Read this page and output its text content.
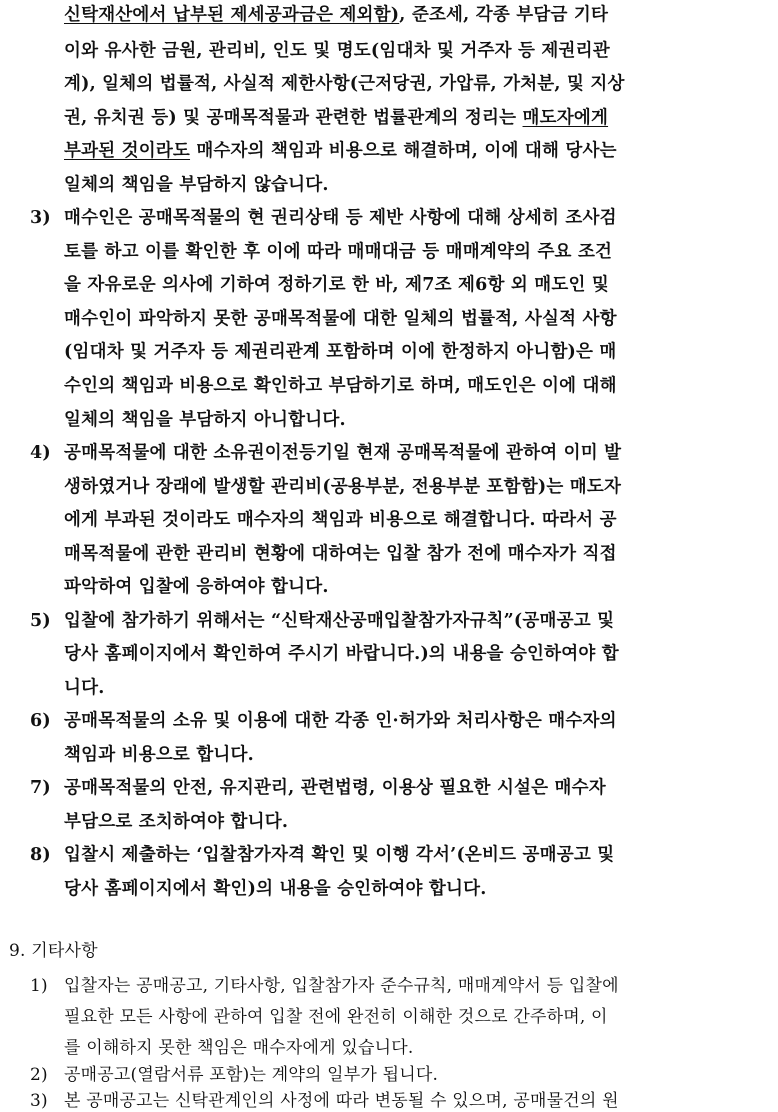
신탁재산에서 납부된 제세공과금은 제외함), 준조세, 각종 부담금 기타
이와 유사한 금원, 관리비, 인도 및 명도(임대차 및 거주자 등 제권리관
계), 일체의 법률적, 사실적 제한사항(근저당권, 가압류, 가처분, 및 지상
권, 유치권 등) 및 공매목적물과 관련한 법률관계의 정리는 매도자에게
부과된 것이라도 매수자의 책임과 비용으로 해결하며, 이에 대해 당사는
일체의 책임을 부담하지 않습니다.
3) 매수인은 공매목적물의 현 권리상태 등 제반 사항에 대해 상세히 조사검
토를 하고 이를 확인한 후 이에 따라 매매대금 등 매매계약의 주요 조건
을 자유로운 의사에 기하여 정하기로 한 바, 제7조 제6항 외 매도인 및
매수인이 파악하지 못한 공매목적물에 대한 일체의 법률적, 사실적 사항
(임대차 및 거주자 등 제권리관계 포함하며 이에 한정하지 아니함)은 매
수인의 책임과 비용으로 확인하고 부담하기로 하며, 매도인은 이에 대해
일체의 책임을 부담하지 아니합니다.
4) 공매목적물에 대한 소유권이전등기일 현재 공매목적물에 관하여 이미 발
생하였거나 장래에 발생할 관리비(공용부분, 전용부분 포함함)는 매도자
에게 부과된 것이라도 매수자의 책임과 비용으로 해결합니다. 따라서 공
매목적물에 관한 관리비 현황에 대하여는 입찰 참가 전에 매수자가 직접
파악하여 입찰에 응하여야 합니다.
5) 입찰에 참가하기 위해서는 “신탁재산공매입찰참가자규칙”(공매공고 및
당사 홈페이지에서 확인하여 주시기 바랍니다.)의 내용을 승인하여야 합
니다.
6) 공매목적물의 소유 및 이용에 대한 각종 인·허가와 처리사항은 매수자의
책임과 비용으로 합니다.
7) 공매목적물의 안전, 유지관리, 관련법령, 이용상 필요한 시설은 매수자
부담으로 조치하여야 합니다.
8) 입찰시 제출하는 ‘입찰참가자격 확인 및 이행 각서’(온비드 공매공고 및
당사 홈페이지에서 확인)의 내용을 승인하여야 합니다.
9. 기타사항
1) 입찰자는 공매공고, 기타사항, 입찰참가자 준수규칙, 매매계약서 등 입찰에
필요한 모든 사항에 관하여 입찰 전에 완전히 이해한 것으로 간주하며, 이
를 이해하지 못한 책임은 매수자에게 있습니다.
2) 공매공고(열람서류 포함)는 계약의 일부가 됩니다.
3) 본 공매공고는 신탁관계인의 사정에 따라 변동될 수 있으며, 공매물건의 원
